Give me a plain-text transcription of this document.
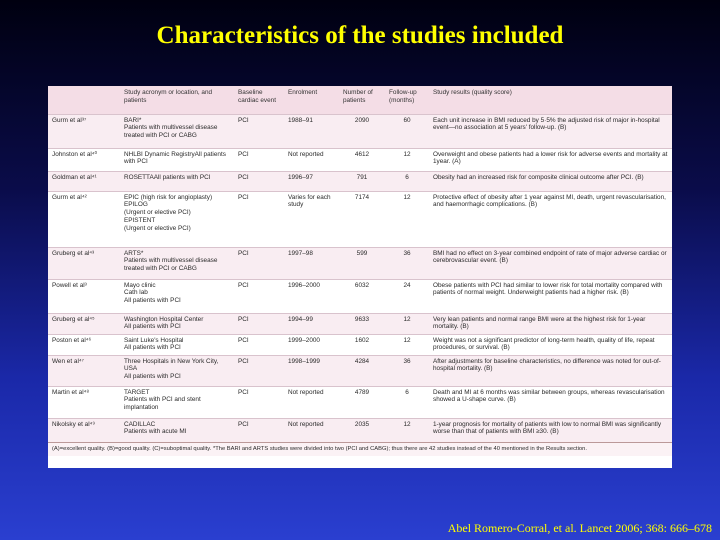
Characteristics of the studies included
	Study acronym or location, and patients	Baseline cardiac event	Enrolment	Number of patients	Follow-up (months)	Study results (quality score)
Gurm et al³⁷	BARI*
Patients with multivessel disease treated with PCI or CABG	PCI	1988–91	2090	60	Each unit increase in BMI reduced by 5·5% the adjusted risk of major in-hospital event—no association at 5 years' follow-up. (B)
Johnston et al⁴⁰	NHLBI Dynamic RegistryAll patients with PCI	PCI	Not reported	4612	12	Overweight and obese patients had a lower risk for adverse events and mortality at 1year. (A)
Goldman et al⁴¹	ROSETTAAll patients with PCI	PCI	1996–97	791	6	Obesity had an increased risk for composite clinical outcome after PCI. (B)
Gurm et al⁴²	EPIC (high risk for angioplasty)
EPILOG
(Urgent or elective PCI)
EPISTENT
(Urgent or elective PCI)	PCI	Varies for each study	7174	12	Protective effect of obesity after 1 year against MI, death, urgent revascularisation, and haemorrhagic complications. (B)
Gruberg et al⁴³	ARTS*
Patients with multivessel disease treated with PCI or CABG	PCI	1997–98	599	36	BMI had no effect on 3-year combined endpoint of rate of major adverse cardiac or cerebrovascular event. (B)
Powell et al³	Mayo clinic
Cath lab
All patients with PCI	PCI	1996–2000	6032	24	Obese patients with PCI had similar to lower risk for total mortality compared with patients of normal weight. Underweight patients had a higher risk. (B)
Gruberg et al⁴⁵	Washington Hospital Center
All patients with PCI	PCI	1994–99	9633	12	Very lean patients and normal range BMI were at the highest risk for 1-year mortality. (B)
Poston et al⁴⁶	Saint Luke's Hospital
All patients with PCI	PCI	1999–2000	1602	12	Weight was not a significant predictor of long-term health, quality of life, repeat procedures, or survival. (B)
Wen et al⁴⁷	Three Hospitals in New York City, USA
All patients with PCI	PCI	1998–1999	4284	36	After adjustments for baseline characteristics, no difference was noted for out-of-hospital mortality. (B)
Martin et al⁴⁸	TARGET
Patients with PCI and stent implantation	PCI	Not reported	4789	6	Death and MI at 6 months was similar between groups, whereas revascularisation showed a U-shape curve. (B)
Nikolsky et al⁴⁹	CADILLAC
Patients with acute MI	PCI	Not reported	2035	12	1-year prognosis for mortality of patients with low to normal BMI was significantly worse than that of patients with BMI ≥30. (B)
(A)=excellent quality. (B)=good quality. (C)=suboptimal quality. *The BARI and ARTS studies were divided into two (PCI and CABG); thus there are 42 studies instead of the 40 mentioned in the Results section.						
Abel Romero-Corral, et al. Lancet 2006; 368: 666–678
